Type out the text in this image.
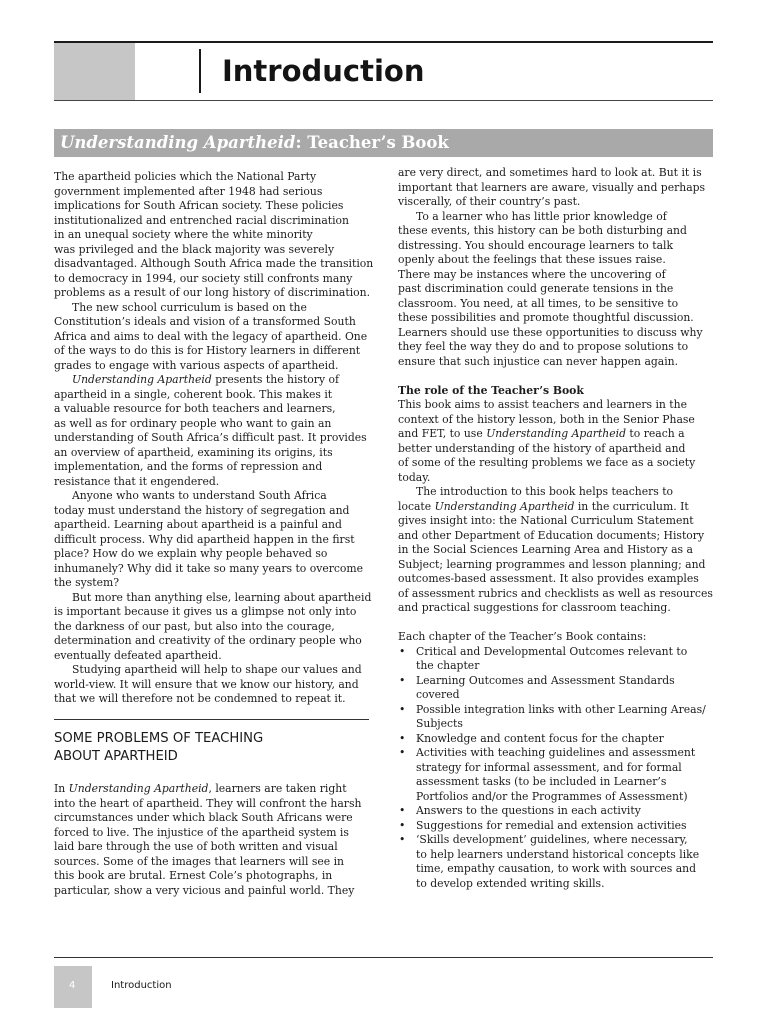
Introduction
Understanding Apartheid: Teacher’s Book
The apartheid policies which the National Party
government implemented after 1948 had serious
implications for South African society. These policies
institutionalized and entrenched racial discrimination
in an unequal society where the white minority
was privileged and the black majority was severely
disadvantaged. Although South Africa made the transition
to democracy in 1994, our society still confronts many
problems as a result of our long history of discrimination.
The new school curriculum is based on the
Constitution’s ideals and vision of a transformed South
Africa and aims to deal with the legacy of apartheid. One
of the ways to do this is for History learners in different
grades to engage with various aspects of apartheid.
Understanding Apartheid presents the history of
apartheid in a single, coherent book. This makes it
a valuable resource for both teachers and learners,
as well as for ordinary people who want to gain an
understanding of South Africa’s difficult past. It provides
an overview of apartheid, examining its origins, its
implementation, and the forms of repression and
resistance that it engendered.
Anyone who wants to understand South Africa
today must understand the history of segregation and
apartheid. Learning about apartheid is a painful and
difficult process. Why did apartheid happen in the first
place? How do we explain why people behaved so
inhumanely? Why did it take so many years to overcome
the system?
But more than anything else, learning about apartheid
is important because it gives us a glimpse not only into
the darkness of our past, but also into the courage,
determination and creativity of the ordinary people who
eventually defeated apartheid.
Studying apartheid will help to shape our values and
world-view. It will ensure that we know our history, and
that we will therefore not be condemned to repeat it.
SOME PROBLEMS OF TEACHING
ABOUT APARTHEID
In Understanding Apartheid, learners are taken right
into the heart of apartheid. They will confront the harsh
circumstances under which black South Africans were
forced to live. The injustice of the apartheid system is
laid bare through the use of both written and visual
sources. Some of the images that learners will see in
this book are brutal. Ernest Cole’s photographs, in
particular, show a very vicious and painful world. They
are very direct, and sometimes hard to look at. But it is
important that learners are aware, visually and perhaps
viscerally, of their country’s past.
To a learner who has little prior knowledge of
these events, this history can be both disturbing and
distressing. You should encourage learners to talk
openly about the feelings that these issues raise.
There may be instances where the uncovering of
past discrimination could generate tensions in the
classroom. You need, at all times, to be sensitive to
these possibilities and promote thoughtful discussion.
Learners should use these opportunities to discuss why
they feel the way they do and to propose solutions to
ensure that such injustice can never happen again.
The role of the Teacher’s Book
This book aims to assist teachers and learners in the
context of the history lesson, both in the Senior Phase
and FET, to use Understanding Apartheid to reach a
better understanding of the history of apartheid and
of some of the resulting problems we face as a society
today.
The introduction to this book helps teachers to
locate Understanding Apartheid in the curriculum. It
gives insight into: the National Curriculum Statement
and other Department of Education documents; History
in the Social Sciences Learning Area and History as a
Subject; learning programmes and lesson planning; and
outcomes-based assessment. It also provides examples
of assessment rubrics and checklists as well as resources
and practical suggestions for classroom teaching.
Each chapter of the Teacher’s Book contains:
• Critical and Developmental Outcomes relevant to
the chapter
• Learning Outcomes and Assessment Standards
covered
• Possible integration links with other Learning Areas/
Subjects
• Knowledge and content focus for the chapter
• Activities with teaching guidelines and assessment
strategy for informal assessment, and for formal
assessment tasks (to be included in Learner’s
Portfolios and/or the Programmes of Assessment)
• Answers to the questions in each activity
• Suggestions for remedial and extension activities
• ‘Skills development’ guidelines, where necessary,
to help learners understand historical concepts like
time, empathy causation, to work with sources and
to develop extended writing skills.
4	Introduction
